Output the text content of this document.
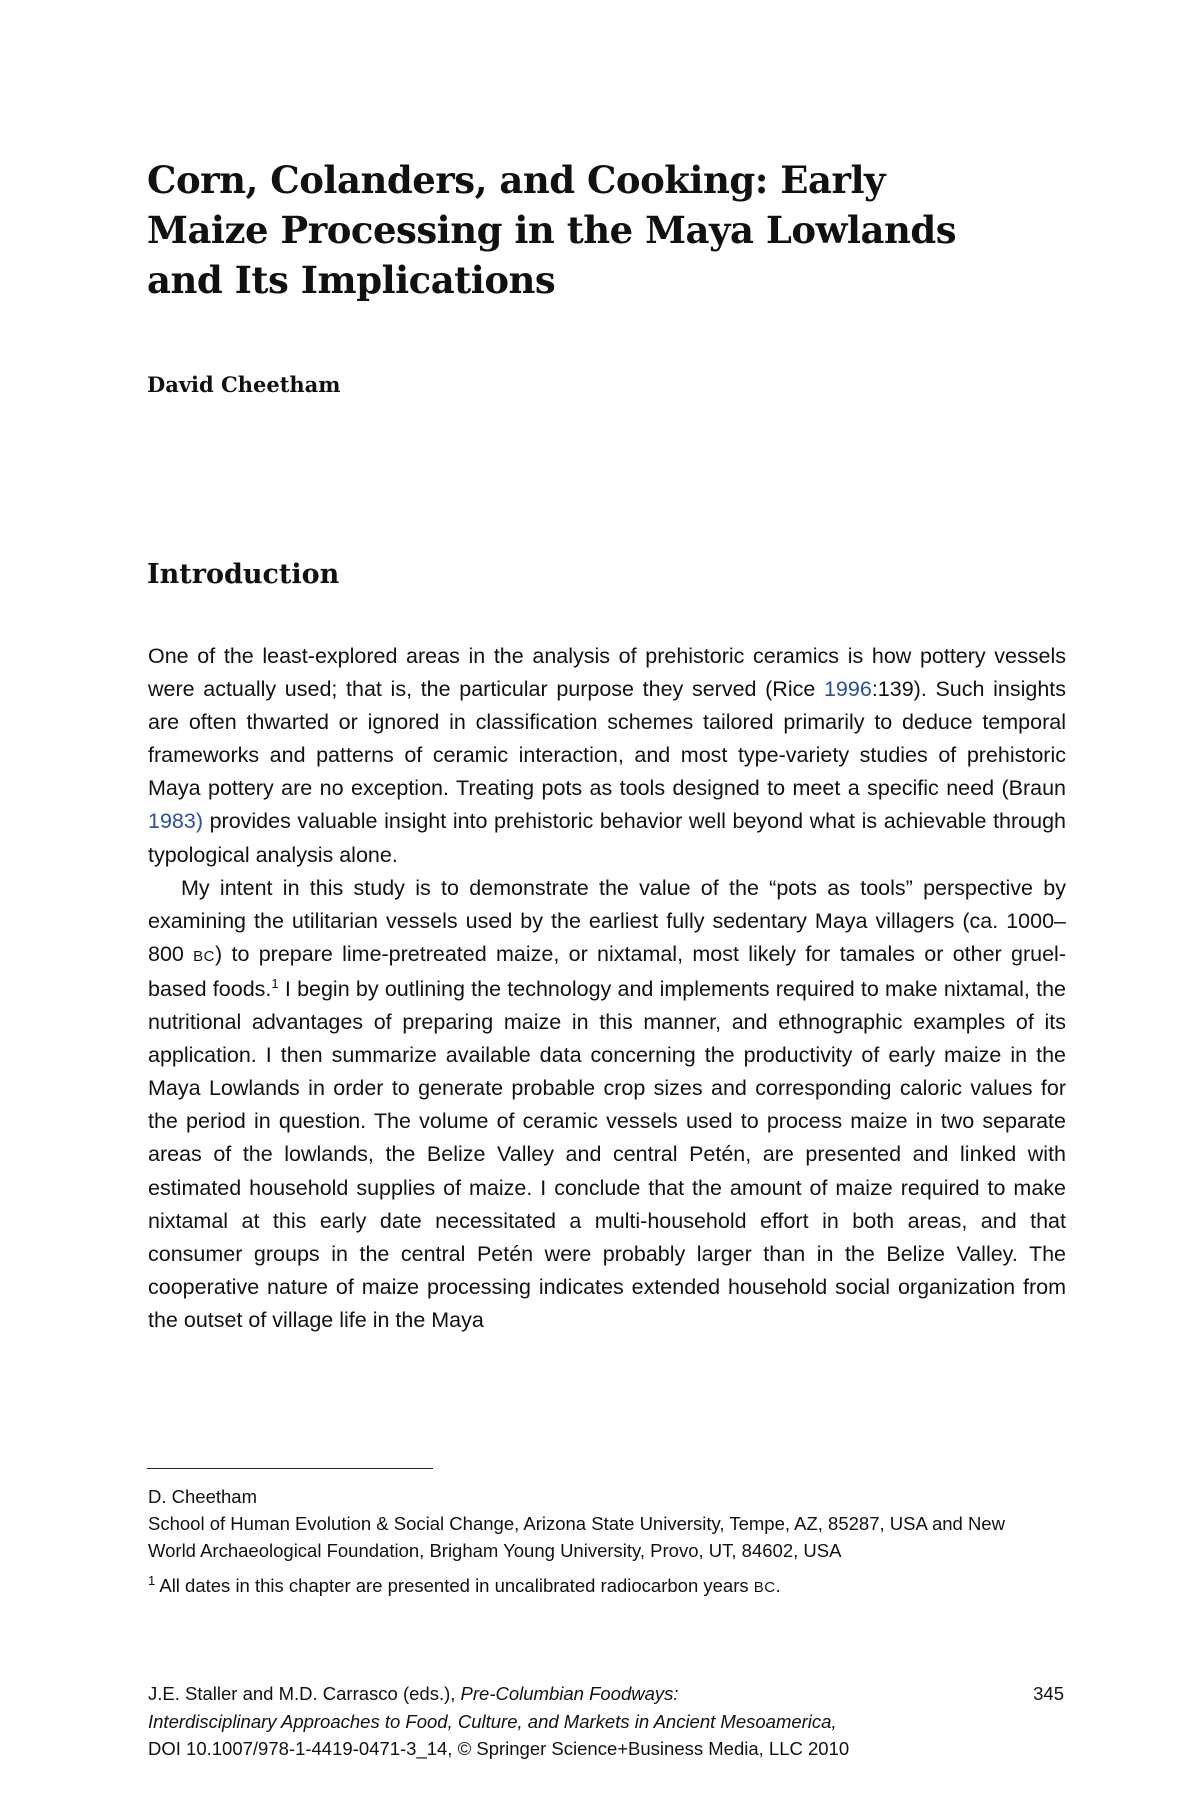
Corn, Colanders, and Cooking: Early
Maize Processing in the Maya Lowlands
and Its Implications

David Cheetham

Introduction

One of the least-explored areas in the analysis of prehistoric ceramics is how pottery vessels were actually used; that is, the particular purpose they served (Rice 1996:139). Such insights are often thwarted or ignored in classification schemes tailored primarily to deduce temporal frameworks and patterns of ceramic interaction, and most type-variety studies of prehistoric Maya pottery are no exception. Treating pots as tools designed to meet a specific need (Braun 1983) provides valuable insight into prehistoric behavior well beyond what is achievable through typological analysis alone.

My intent in this study is to demonstrate the value of the “pots as tools” perspective by examining the utilitarian vessels used by the earliest fully sedentary Maya villagers (ca. 1000–800 BC) to prepare lime-pretreated maize, or nixtamal, most likely for tamales or other gruel-based foods.$^1$ I begin by outlining the technology and implements required to make nixtamal, the nutritional advantages of preparing maize in this manner, and ethnographic examples of its application. I then summarize available data concerning the productivity of early maize in the Maya Lowlands in order to generate probable crop sizes and corresponding caloric values for the period in question. The volume of ceramic vessels used to process maize in two separate areas of the lowlands, the Belize Valley and central Petén, are presented and linked with estimated household supplies of maize. I conclude that the amount of maize required to make nixtamal at this early date necessitated a multi-household effort in both areas, and that consumer groups in the central Petén were probably larger than in the Belize Valley. The cooperative nature of maize processing indicates extended household social organization from the outset of village life in the Maya

D. Cheetham

School of Human Evolution & Social Change, Arizona State University, Tempe, AZ, 85287, USA and New World Archaeological Foundation, Brigham Young University, Provo, UT, 84602, USA

$^1$ All dates in this chapter are presented in uncalibrated radiocarbon years BC.

J.E. Staller and M.D. Carrasco (eds.), Pre-Columbian Foodways:	345
Interdisciplinary Approaches to Food, Culture, and Markets in Ancient Mesoamerica,
DOI 10.1007/978-1-4419-0471-3_14, © Springer Science+Business Media, LLC 2010
